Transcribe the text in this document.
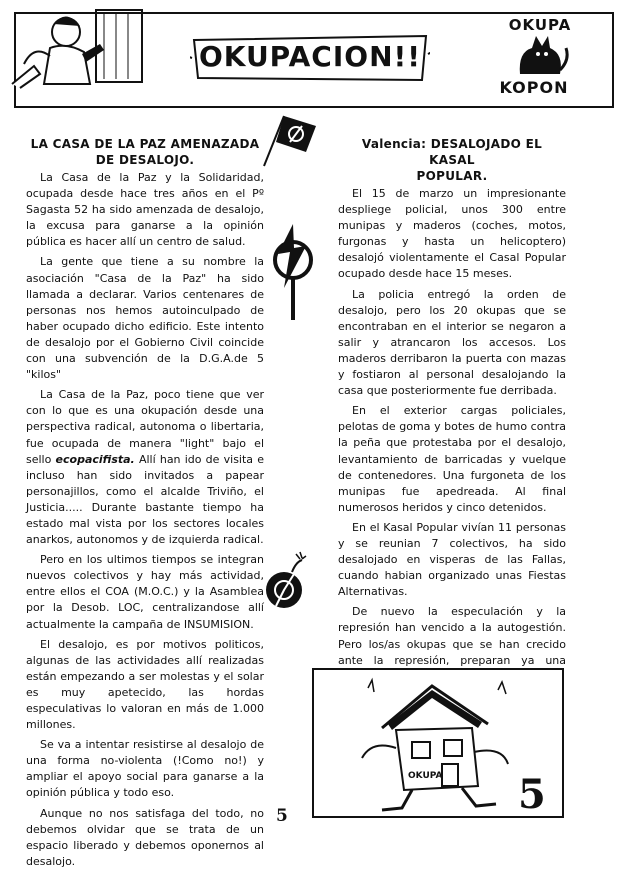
OKUPACION!!
OKUPA
KOPON
LA CASA DE LA PAZ AMENAZADA
DE DESALOJO.

La Casa de la Paz y la Solidaridad, ocupada desde hace tres años en el Pº Sagasta 52 ha sido amenzada de desalojo, la excusa para ganarse a la opinión pública es hacer allí un centro de salud.

La gente que tiene a su nombre la asociación "Casa de la Paz" ha sido llamada a declarar. Varios centenares de personas nos hemos autoinculpado de haber ocupado dicho edificio. Este intento de desalojo por el Gobierno Civil coincide con una subvención de la D.G.A.de 5 "kilos"

La Casa de la Paz, poco tiene que ver con lo que es una okupación desde una perspectiva radical, autonoma o libertaria, fue ocupada de manera "light" bajo el sello ecopacifista. Allí han ido de visita e incluso han sido invitados a papear personajillos, como el alcalde Triviño, el Justicia..... Durante bastante tiempo ha estado mal vista por los sectores locales anarkos, autonomos y de izquierda radical.

Pero en los ultimos tiempos se integran nuevos colectivos y hay más actividad, entre ellos el COA (M.O.C.) y la Asamblea por la Desob. LOC, centralizandose allí actualmente la campaña de INSUMISION.

El desalojo, es por motivos politicos, algunas de las actividades allí realizadas están empezando a ser molestas y el solar es muy apetecido, las hordas especulativas lo valoran en más de 1.000 millones.

Se va a intentar resistirse al desalojo de una forma no-violenta (!Como no!) y ampliar el apoyo social para ganarse a la opinión pública y todo eso.

Aunque no nos satisfaga del todo, no debemos olvidar que se trata de un espacio liberado y debemos oponernos al desalojo.

Valencia: DESALOJADO EL KASAL
POPULAR.

El 15 de marzo un impresionante despliege policial, unos 300 entre munipas y maderos (coches, motos, furgonas y hasta un helicoptero) desalojó violentamente el Casal Popular ocupado desde hace 15 meses.

La policia entregó la orden de desalojo, pero los 20 okupas que se encontraban en el interior se negaron a salir y atrancaron los accesos. Los maderos derribaron la puerta con mazas y fostiaron al personal desalojando la casa que posteriormente fue derribada.

En el exterior cargas policiales, pelotas de goma y botes de humo contra la peña que protestaba por el desalojo, levantamiento de barricadas y vuelque de contenedores. Una furgoneta de los munipas fue apedreada. Al final numerosos heridos y cinco detenidos.

En el Kasal Popular vivían 11 personas y se reunian 7 colectivos, ha sido desalojado en visperas de las Fallas, cuando habian organizado unas Fiestas Alternativas.

De nuevo la especulación y la represión han vencido a la autogestión. Pero los/as okupas que se han crecido ante la represión, preparan ya una

OKUPA 5
5
